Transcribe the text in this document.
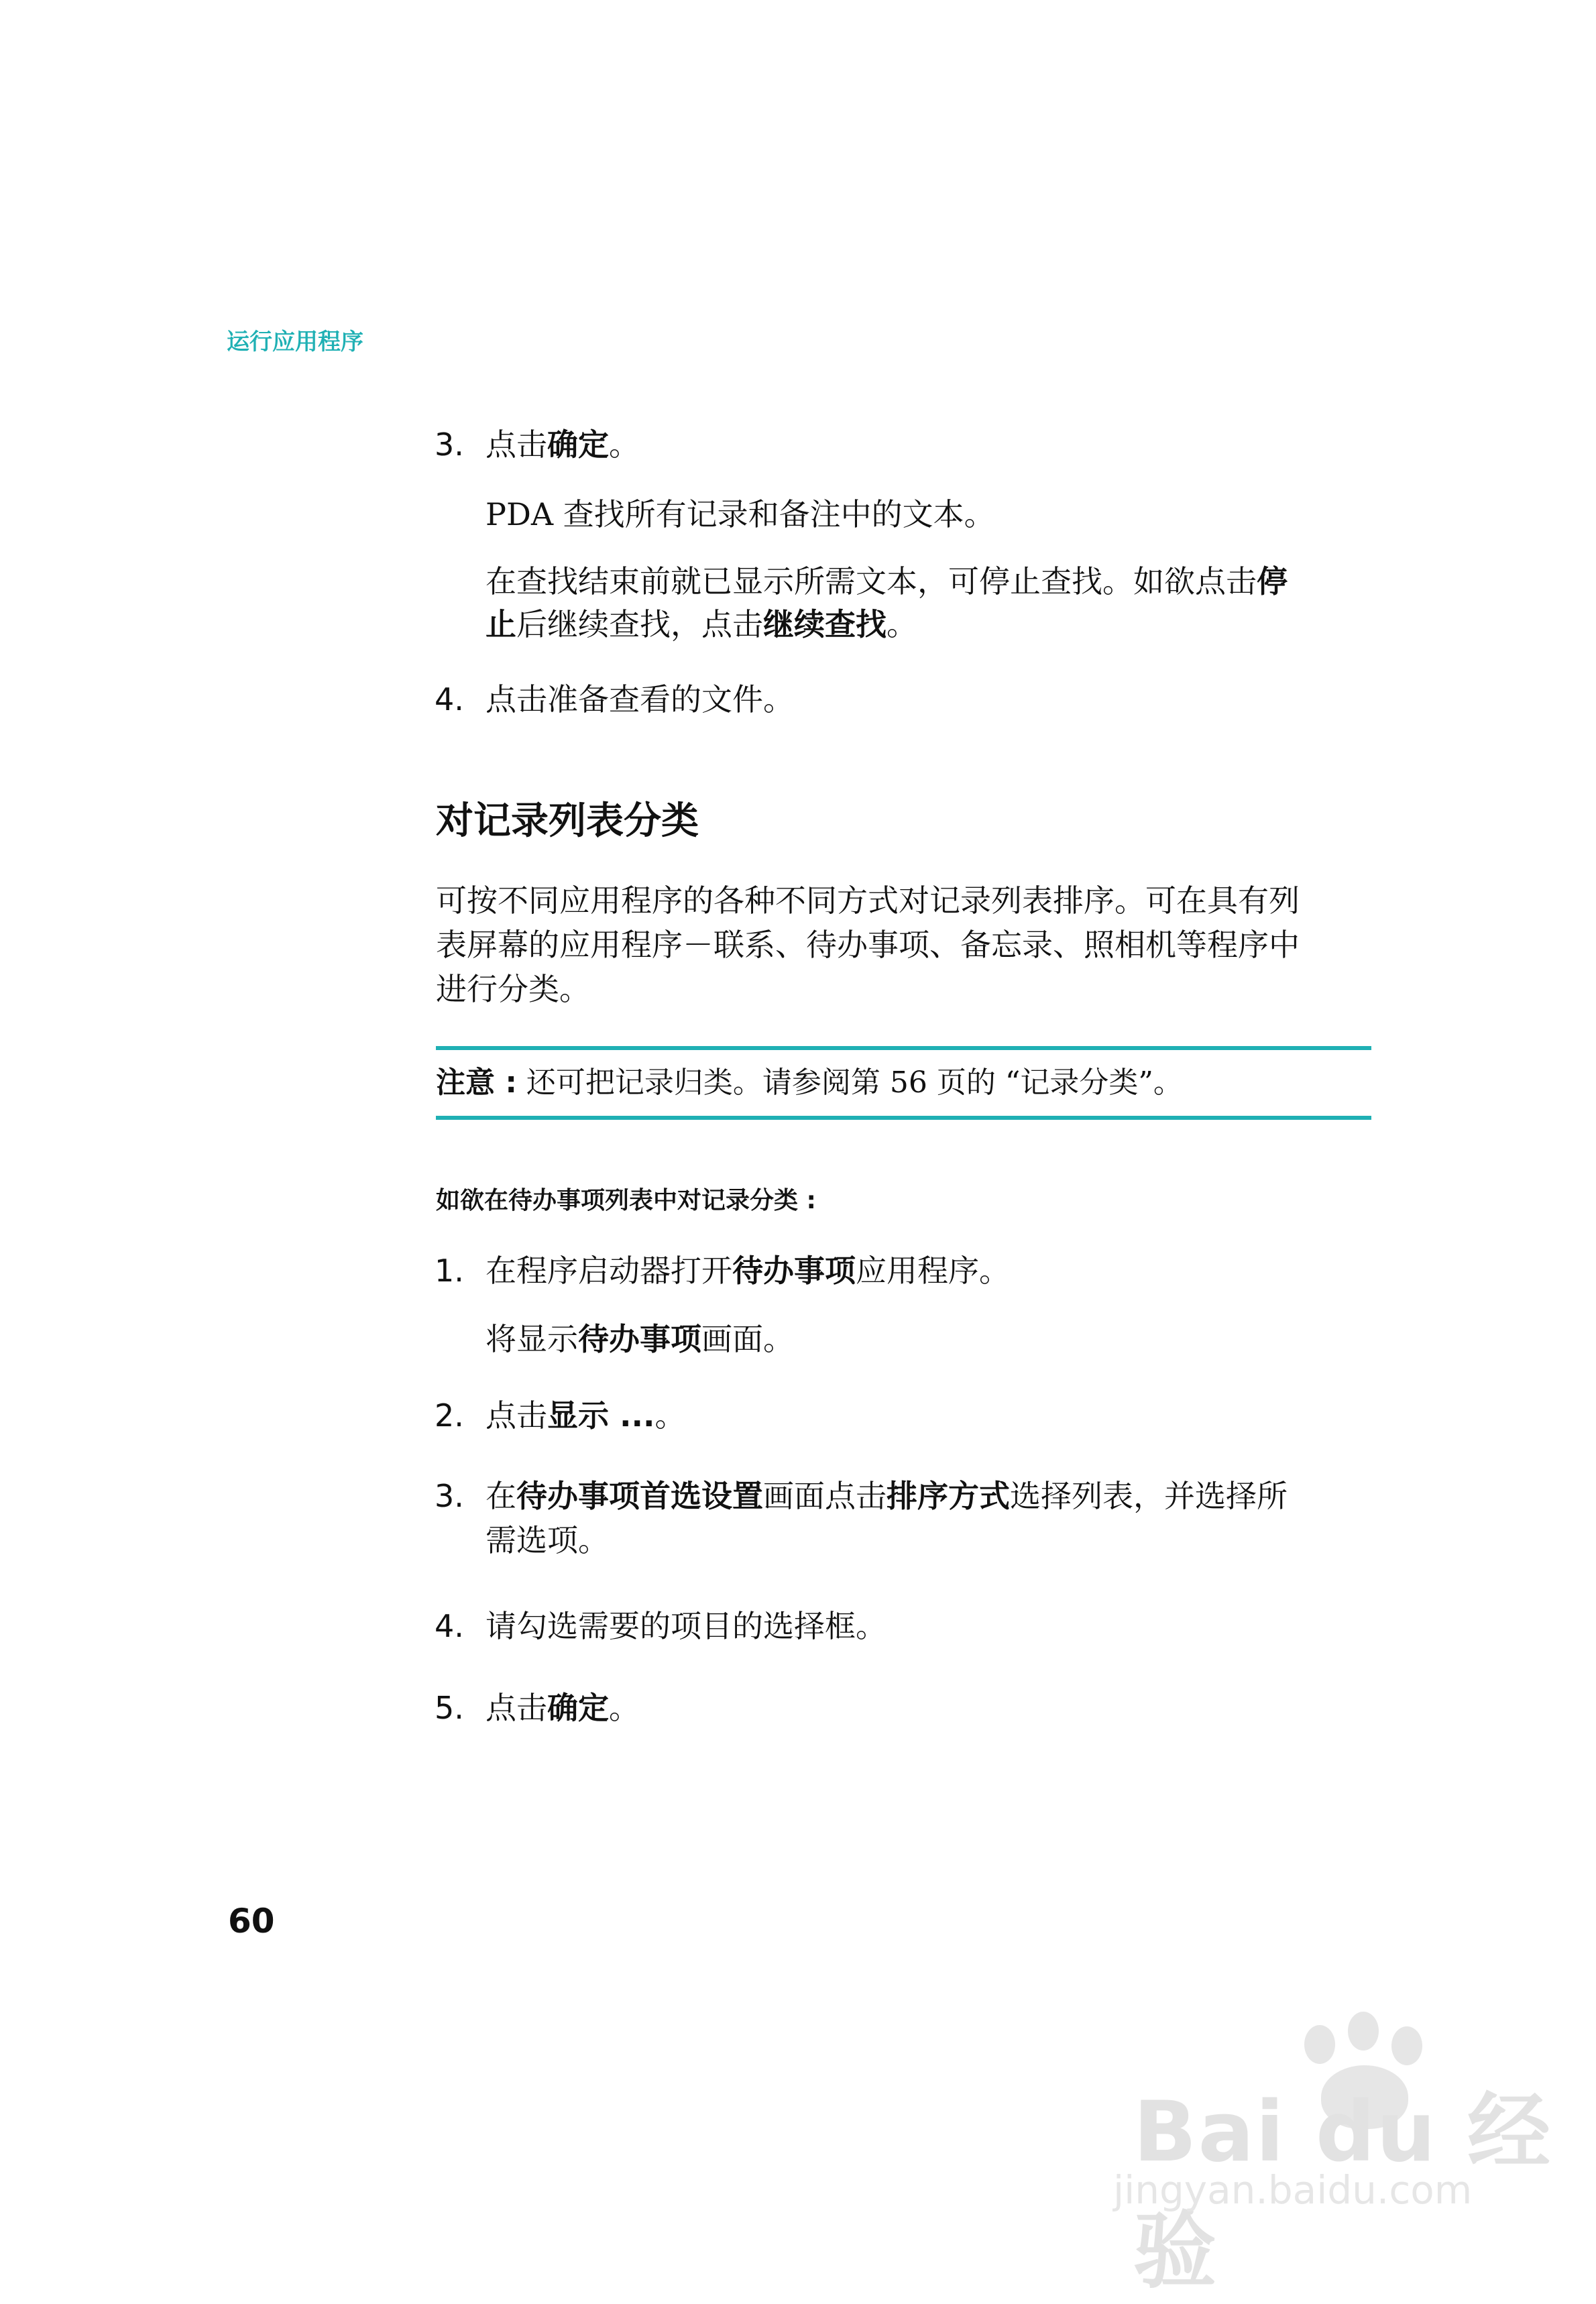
运行应用程序
3. 点击确定。
PDA 查找所有记录和备注中的文本。
在查找结束前就已显示所需文本，可停止查找。如欲点击停
止后继续查找，点击继续查找。
4. 点击准备查看的文件。
对记录列表分类
可按不同应用程序的各种不同方式对记录列表排序。可在具有列
表屏幕的应用程序－联系、待办事项、备忘录、照相机等程序中
进行分类。
注意 : 还可把记录归类。请参阅第 56 页的 “记录分类”。
如欲在待办事项列表中对记录分类 :
1. 在程序启动器打开待办事项应用程序。
将显示待办事项画面。
2. 点击显示 ...。
3. 在待办事项首选设置画面点击排序方式选择列表，并选择所
需选项。
4. 请勾选需要的项目的选择框。
5. 点击确定。
60
Bai du 经验
jingyan.baidu.com
